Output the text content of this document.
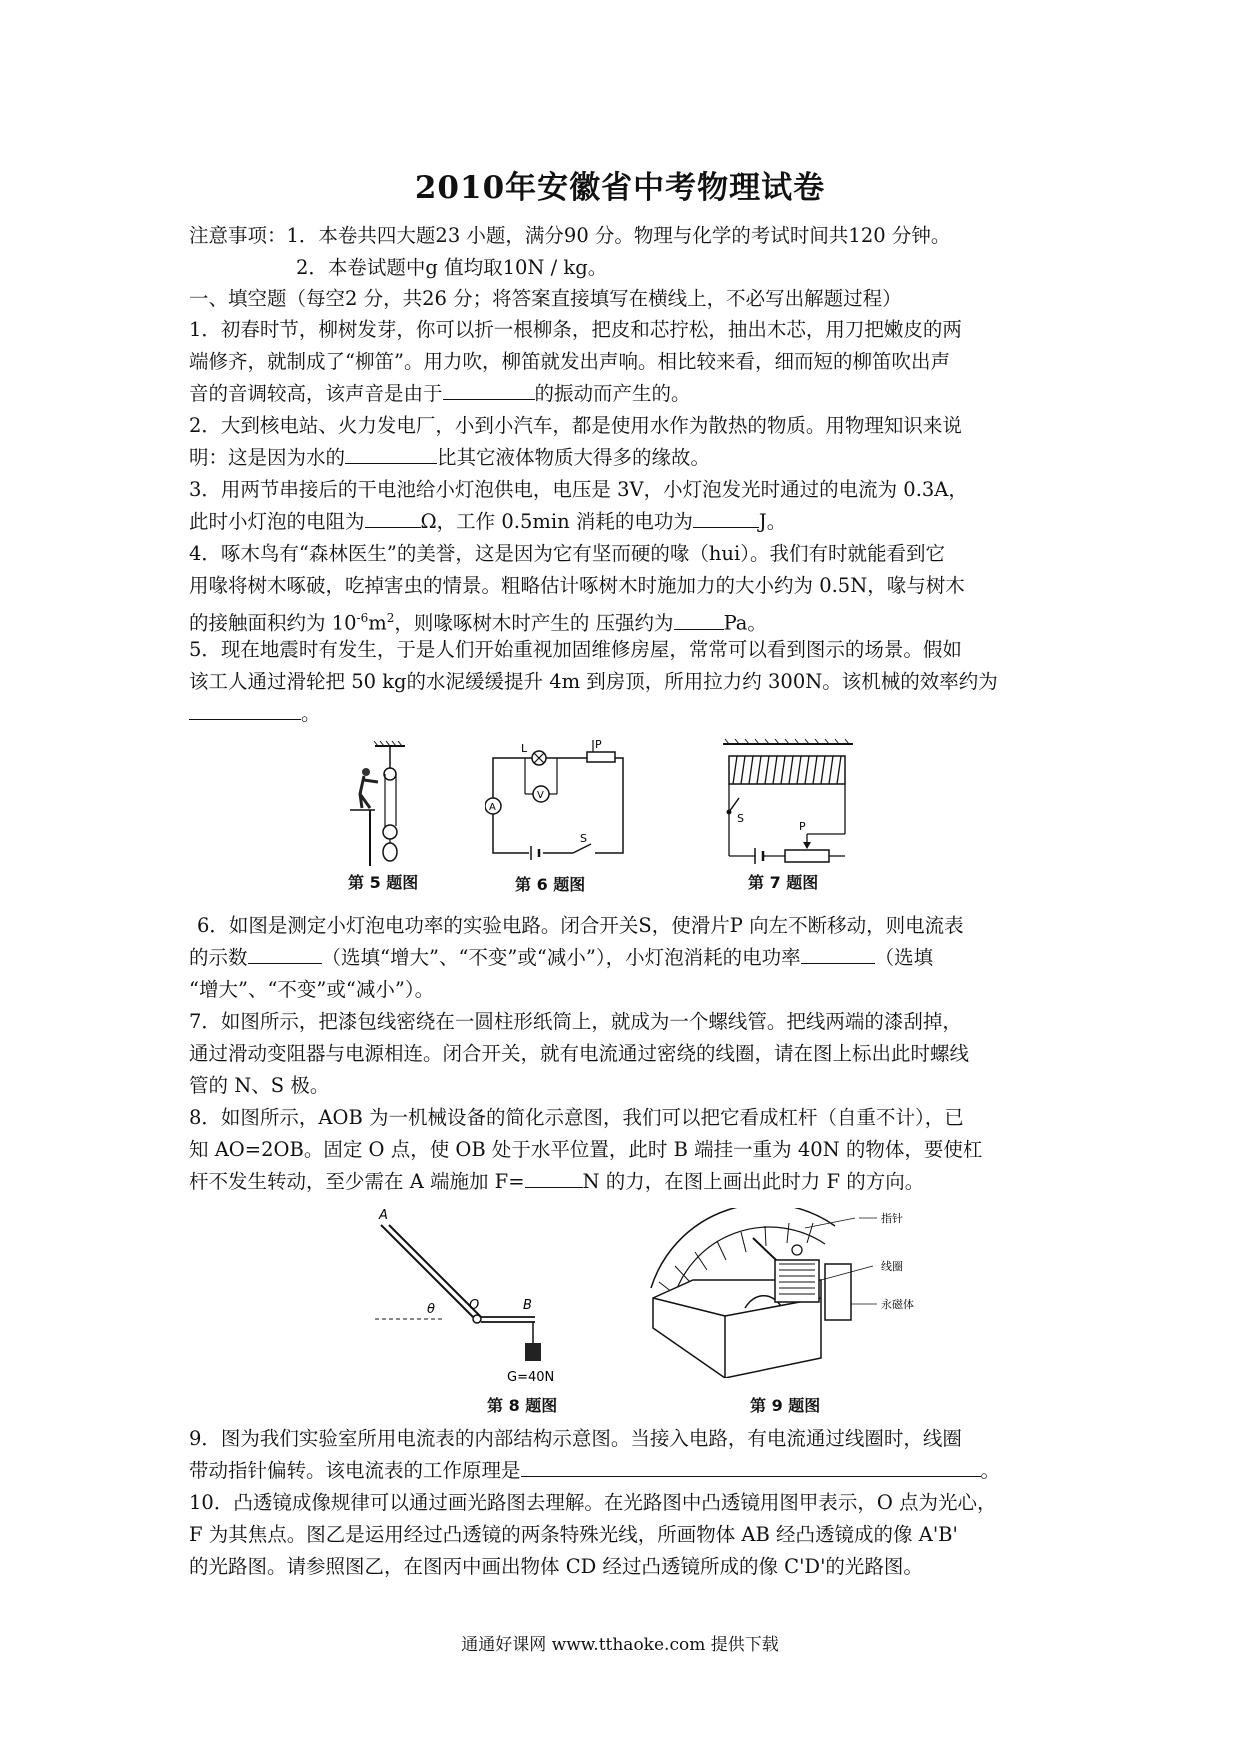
2010年安徽省中考物理试卷
注意事项：1．本卷共四大题23 小题，满分90 分。物理与化学的考试时间共120 分钟。
2．本卷试题中g 值均取10N / kg。
一、填空题（每空2 分，共26 分；将答案直接填写在横线上，不必写出解题过程）
1．初春时节，柳树发芽，你可以折一根柳条，把皮和芯拧松，抽出木芯，用刀把嫩皮的两
端修齐，就制成了“柳笛”。用力吹，柳笛就发出声响。相比较来看，细而短的柳笛吹出声
音的音调较高，该声音是由于	的振动而产生的。
2．大到核电站、火力发电厂，小到小汽车，都是使用水作为散热的物质。用物理知识来说
明：这是因为水的	比其它液体物质大得多的缘故。
3．用两节串接后的干电池给小灯泡供电，电压是 3V，小灯泡发光时通过的电流为 0.3A，
此时小灯泡的电阻为	Ω，工作 0.5min 消耗的电功为	J。
4．啄木鸟有“森林医生”的美誉，这是因为它有坚而硬的喙（hui）。我们有时就能看到它
用喙将树木啄破，吃掉害虫的情景。粗略估计啄树木时施加力的大小约为 0.5N，喙与树木
的接触面积约为 $10^{-6}m^2$，则喙啄树木时产生的 压强约为	Pa。
5．现在地震时有发生，于是人们开始重视加固维修房屋，常常可以看到图示的场景。假如
该工人通过滑轮把 50 kg的水泥缓缓提升 4m 到房顶，所用拉力约 300N。该机械的效率约为
。
第 5 题图
L	P
V
A
S
第 6 题图
S
P
第 7 题图
6．如图是测定小灯泡电功率的实验电路。闭合开关S，使滑片P 向左不断移动，则电流表
的示数	（选填“增大”、“不变”或“减小”），小灯泡消耗的电功率	（选填
“增大”、“不变”或“减小”）。
7．如图所示，把漆包线密绕在一圆柱形纸筒上，就成为一个螺线管。把线两端的漆刮掉，
通过滑动变阻器与电源相连。闭合开关，就有电流通过密绕的线圈，请在图上标出此时螺线
管的 N、S 极。
8．如图所示，AOB 为一机械设备的简化示意图，我们可以把它看成杠杆（自重不计），已
知 AO=2OB。固定 O 点，使 OB 处于水平位置，此时 B 端挂一重为 40N 的物体，要使杠
杆不发生转动，至少需在 A 端施加 F=	N 的力，在图上画出此时力 F 的方向。
A
θ	O	B
G=40N
第 8 题图
指针
线圈
永磁体
第 9 题图
9．图为我们实验室所用电流表的内部结构示意图。当接入电路，有电流通过线圈时，线圈
带动指针偏转。该电流表的工作原理是	。
10．凸透镜成像规律可以通过画光路图去理解。在光路图中凸透镜用图甲表示，O 点为光心，
F 为其焦点。图乙是运用经过凸透镜的两条特殊光线，所画物体 AB 经凸透镜成的像 A'B'
的光路图。请参照图乙，在图丙中画出物体 CD 经过凸透镜所成的像 C'D'的光路图。
通通好课网 www.tthaoke.com 提供下载
